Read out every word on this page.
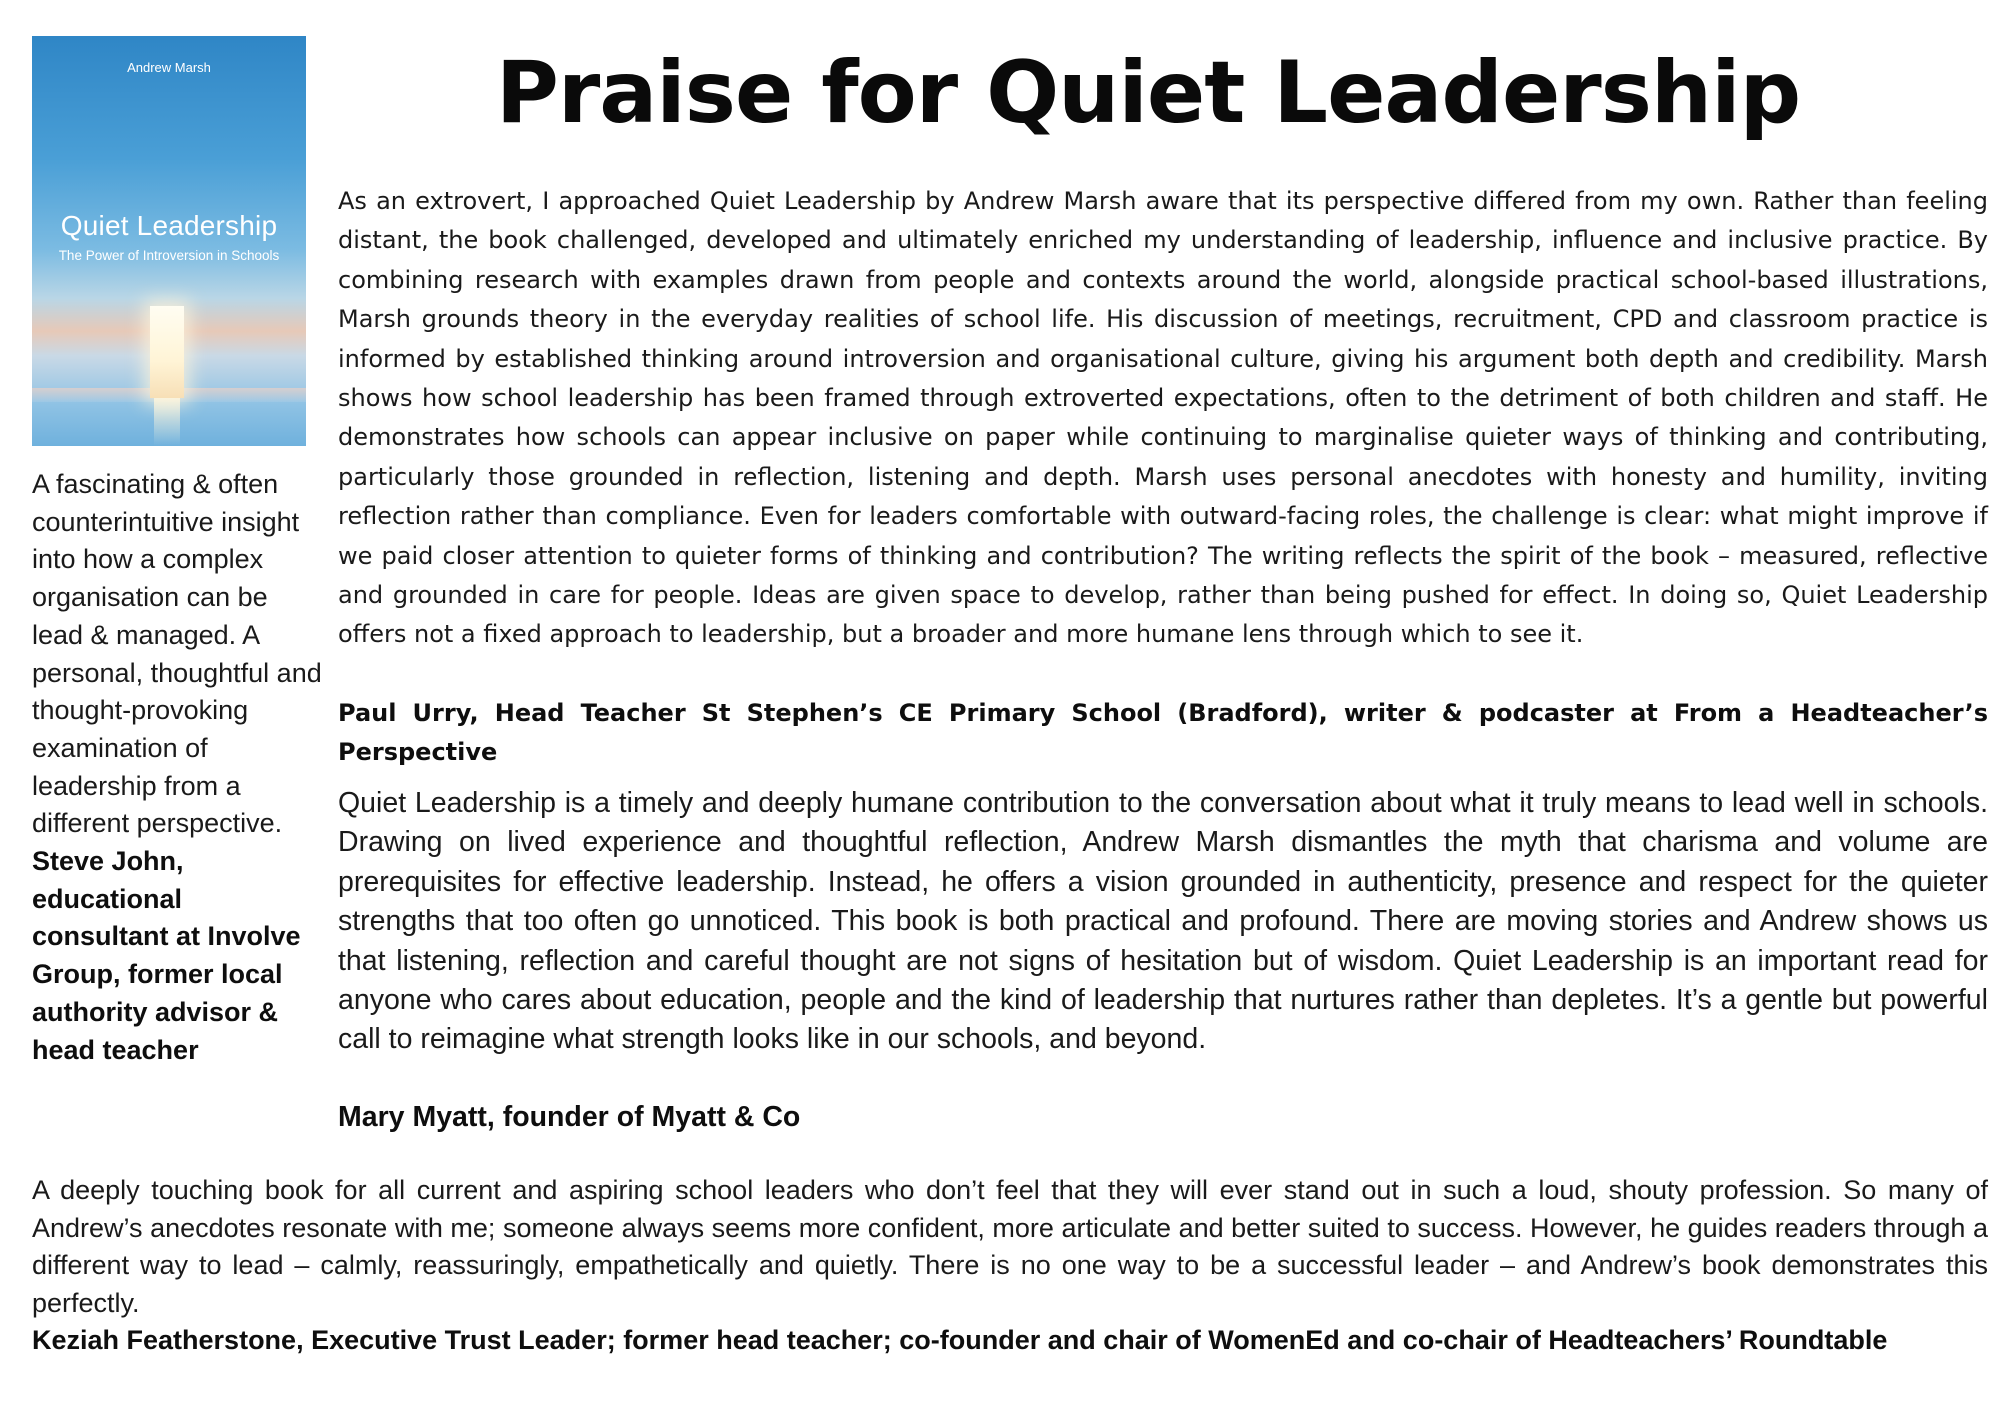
Andrew Marsh
Quiet Leadership
The Power of Introversion in Schools
Praise for Quiet Leadership
A fascinating & often counterintuitive insight into how a complex organisation can be lead & managed. A personal, thoughtful and thought-provoking examination of leadership from a different perspective. Steve John, educational consultant at Involve Group, former local authority advisor & head teacher
As an extrovert, I approached Quiet Leadership by Andrew Marsh aware that its perspective differed from my own. Rather than feeling distant, the book challenged, developed and ultimately enriched my understanding of leadership, influence and inclusive practice. By combining research with examples drawn from people and contexts around the world, alongside practical school-based illustrations, Marsh grounds theory in the everyday realities of school life. His discussion of meetings, recruitment, CPD and classroom practice is informed by established thinking around introversion and organisational culture, giving his argument both depth and credibility. Marsh shows how school leadership has been framed through extroverted expectations, often to the detriment of both children and staff. He demonstrates how schools can appear inclusive on paper while continuing to marginalise quieter ways of thinking and contributing, particularly those grounded in reflection, listening and depth. Marsh uses personal anecdotes with honesty and humility, inviting reflection rather than compliance. Even for leaders comfortable with outward-facing roles, the challenge is clear: what might improve if we paid closer attention to quieter forms of thinking and contribution? The writing reflects the spirit of the book – measured, reflective and grounded in care for people. Ideas are given space to develop, rather than being pushed for effect. In doing so, Quiet Leadership offers not a fixed approach to leadership, but a broader and more humane lens through which to see it.
Paul Urry, Head Teacher St Stephen’s CE Primary School (Bradford), writer & podcaster at From a Headteacher’s Perspective
Quiet Leadership is a timely and deeply humane contribution to the conversation about what it truly means to lead well in schools. Drawing on lived experience and thoughtful reflection, Andrew Marsh dismantles the myth that charisma and volume are prerequisites for effective leadership. Instead, he offers a vision grounded in authenticity, presence and respect for the quieter strengths that too often go unnoticed. This book is both practical and profound. There are moving stories and Andrew shows us that listening, reflection and careful thought are not signs of hesitation but of wisdom. Quiet Leadership is an important read for anyone who cares about education, people and the kind of leadership that nurtures rather than depletes. It’s a gentle but powerful call to reimagine what strength looks like in our schools, and beyond.
Mary Myatt, founder of Myatt & Co
A deeply touching book for all current and aspiring school leaders who don’t feel that they will ever stand out in such a loud, shouty profession. So many of Andrew’s anecdotes resonate with me; someone always seems more confident, more articulate and better suited to success. However, he guides readers through a different way to lead – calmly, reassuringly, empathetically and quietly. There is no one way to be a successful leader – and Andrew’s book demonstrates this perfectly.
Keziah Featherstone, Executive Trust Leader; former head teacher; co-founder and chair of WomenEd and co-chair of Headteachers’ Roundtable
